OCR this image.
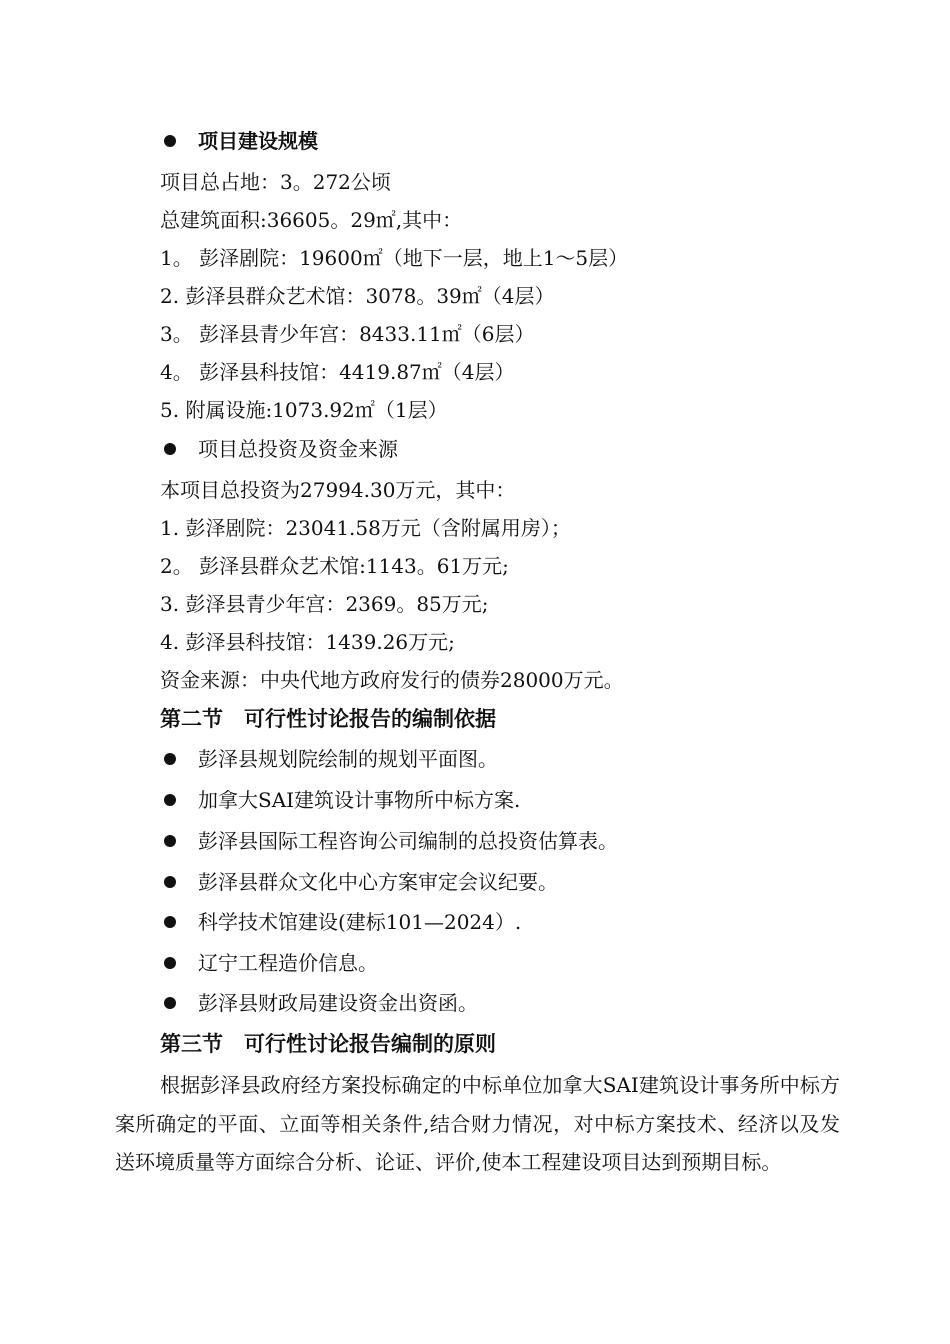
项目建设规模
项目总占地：3。272公顷
总建筑面积:36605。29㎡,其中：
1。 彭泽剧院：19600㎡（地下一层，地上1～5层）
2. 彭泽县群众艺术馆：3078。39㎡（4层）
3。 彭泽县青少年宫：8433.11㎡（6层）
4。 彭泽县科技馆：4419.87㎡（4层）
5. 附属设施:1073.92㎡（1层）
项目总投资及资金来源
本项目总投资为27994.30万元，其中：
1. 彭泽剧院：23041.58万元（含附属用房）；
2。 彭泽县群众艺术馆:1143。61万元;
3. 彭泽县青少年宫：2369。85万元;
4. 彭泽县科技馆：1439.26万元;
资金来源：中央代地方政府发行的债券28000万元。
第二节　可行性讨论报告的编制依据
彭泽县规划院绘制的规划平面图。
加拿大SAI建筑设计事物所中标方案.
彭泽县国际工程咨询公司编制的总投资估算表。
彭泽县群众文化中心方案审定会议纪要。
科学技术馆建设(建标101—2024）.
辽宁工程造价信息。
彭泽县财政局建设资金出资函。
第三节　可行性讨论报告编制的原则
根据彭泽县政府经方案投标确定的中标单位加拿大SAI建筑设计事务所中标方案所确定的平面、立面等相关条件,结合财力情况，对中标方案技术、经济以及发送环境质量等方面综合分析、论证、评价,使本工程建设项目达到预期目标。
